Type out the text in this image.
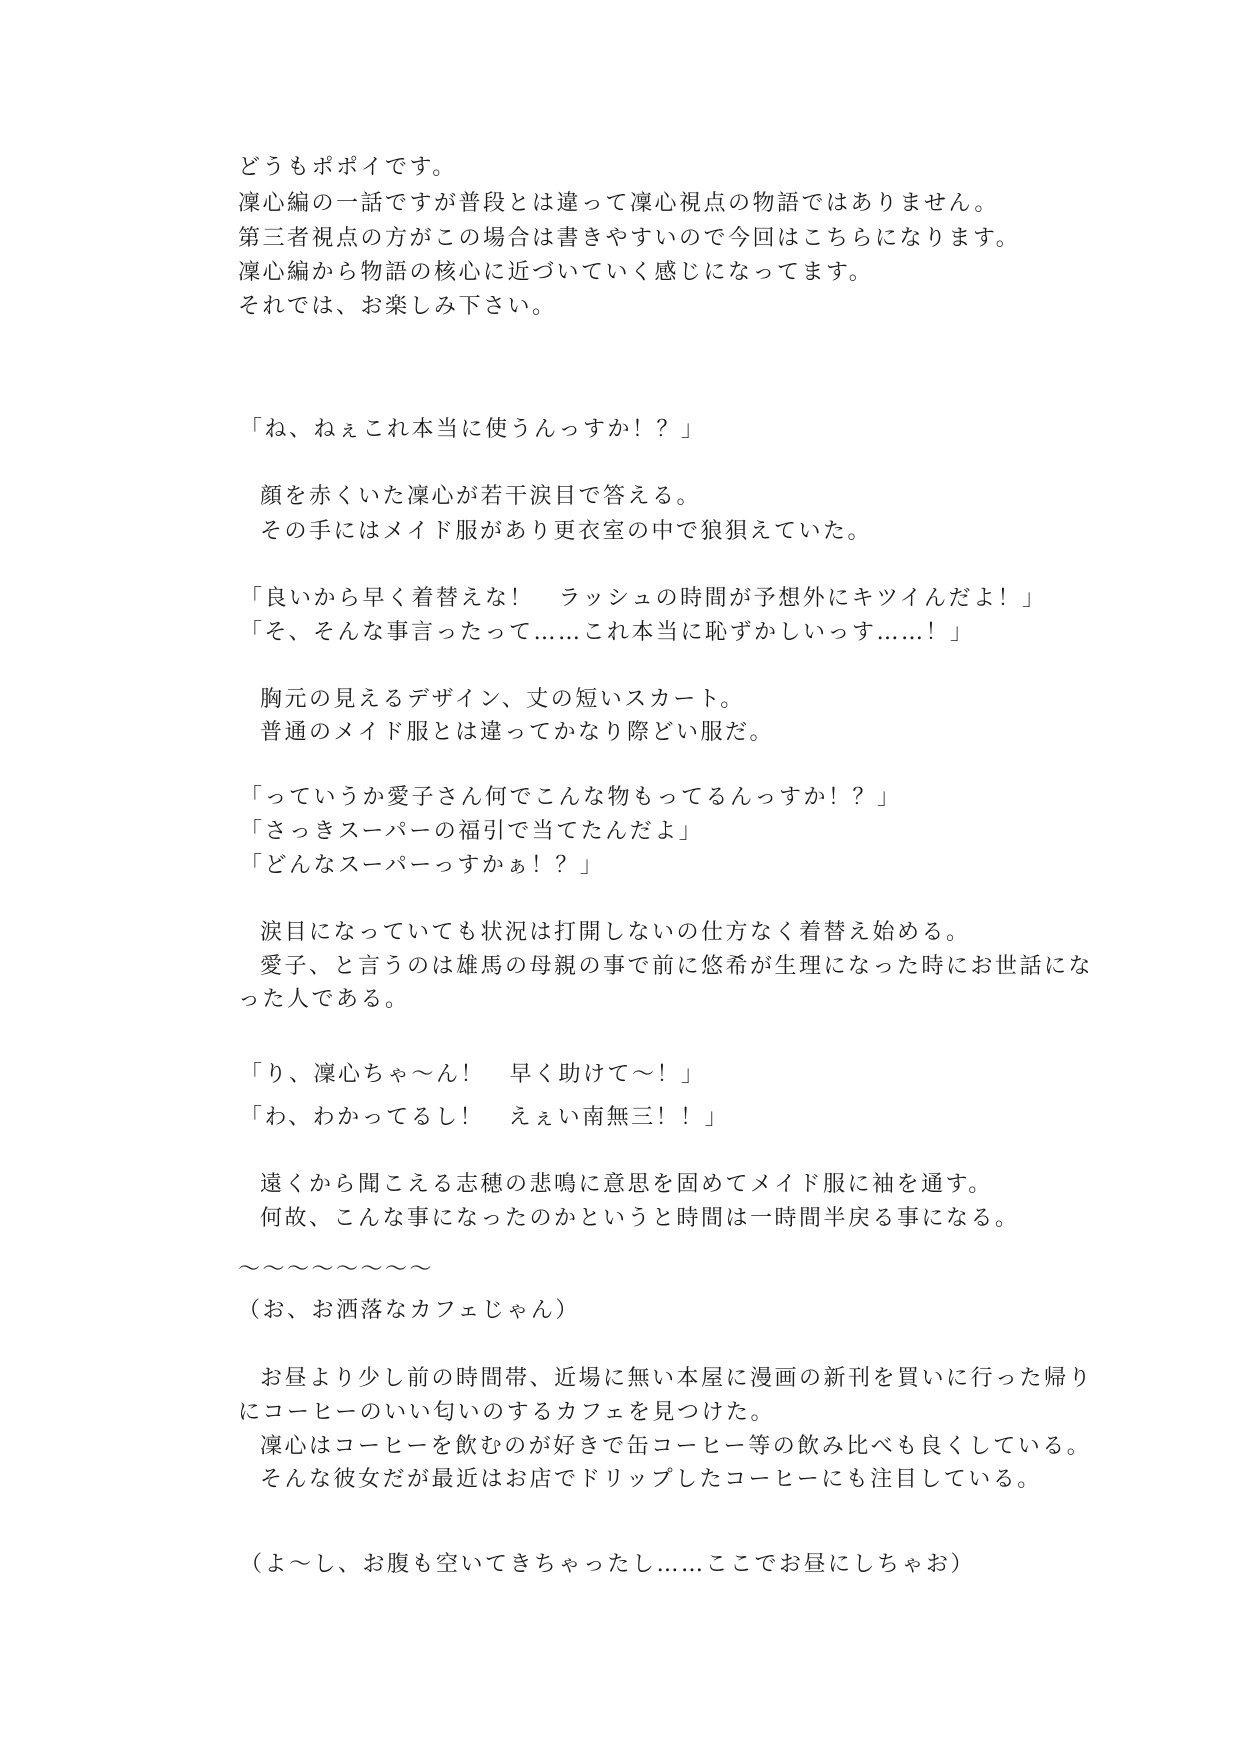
どうもポポイです。

凜心編の一話ですが普段とは違って凜心視点の物語ではありません。

第三者視点の方がこの場合は書きやすいので今回はこちらになります。

凜心編から物語の核心に近づいていく感じになってます。

それでは、お楽しみ下さい。

「ね、ねぇこれ本当に使うんっすか！？」

顔を赤くいた凜心が若干涙目で答える。

その手にはメイド服があり更衣室の中で狼狽えていた。

「良いから早く着替えな！　ラッシュの時間が予想外にキツイんだよ！」

「そ、そんな事言ったって……これ本当に恥ずかしいっす……！」

胸元の見えるデザイン、丈の短いスカート。

普通のメイド服とは違ってかなり際どい服だ。

「っていうか愛子さん何でこんな物もってるんっすか！？」

「さっきスーパーの福引で当てたんだよ」

「どんなスーパーっすかぁ！？」

涙目になっていても状況は打開しないの仕方なく着替え始める。

愛子、と言うのは雄馬の母親の事で前に悠希が生理になった時にお世話にな

った人である。

「り、凜心ちゃ〜ん！　早く助けて〜！」

「わ、わかってるし！　えぇい南無三！！」

遠くから聞こえる志穂の悲鳴に意思を固めてメイド服に袖を通す。

何故、こんな事になったのかというと時間は一時間半戻る事になる。

〜〜〜〜〜〜〜〜

（お、お洒落なカフェじゃん）

お昼より少し前の時間帯、近場に無い本屋に漫画の新刊を買いに行った帰り

にコーヒーのいい匂いのするカフェを見つけた。

凜心はコーヒーを飲むのが好きで缶コーヒー等の飲み比べも良くしている。

そんな彼女だが最近はお店でドリップしたコーヒーにも注目している。

（よ〜し、お腹も空いてきちゃったし……ここでお昼にしちゃお）
